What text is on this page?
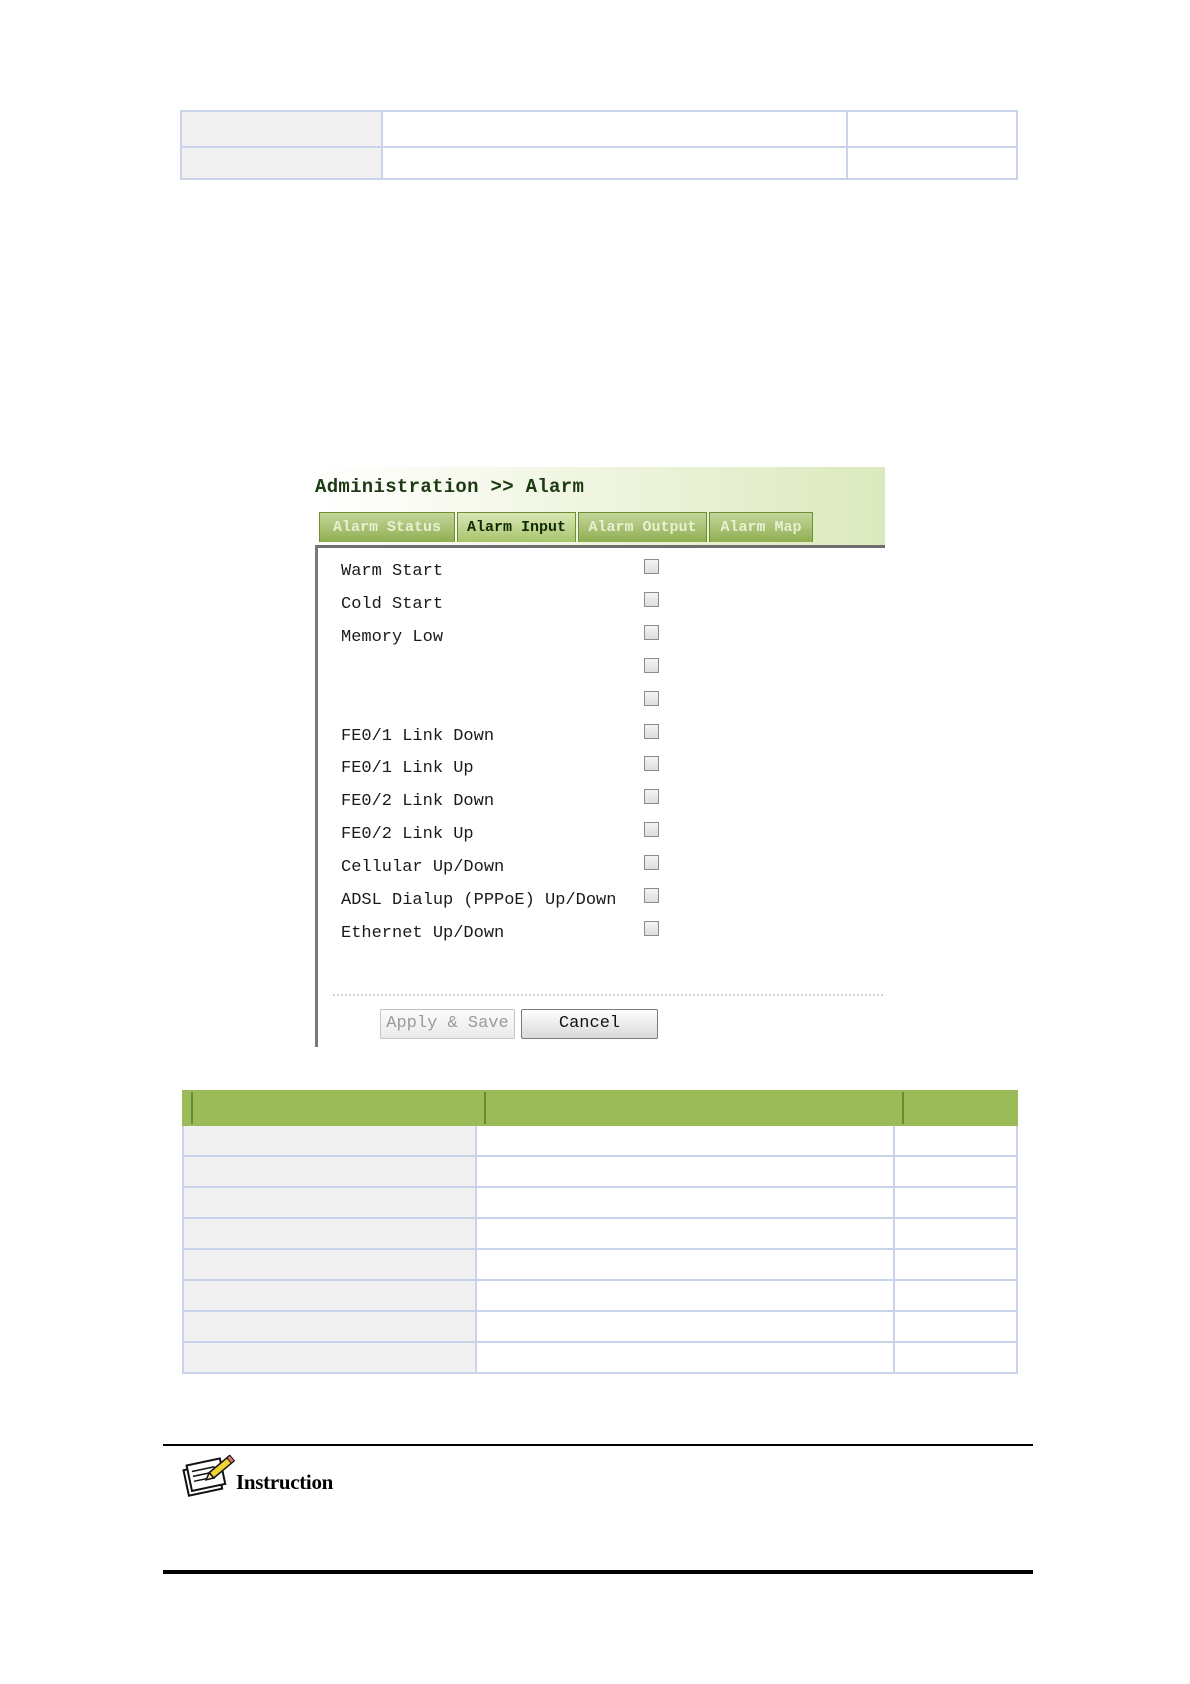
Administration >> Alarm
Alarm Status	Alarm Input	Alarm Output	Alarm Map
Apply & Save	Cancel
Warm Start
Cold Start
Memory Low
FE0/1 Link Down
FE0/1 Link Up
FE0/2 Link Down
FE0/2 Link Up
Cellular Up/Down
ADSL Dialup (PPPoE) Up/Down
Ethernet Up/Down

Instruction
